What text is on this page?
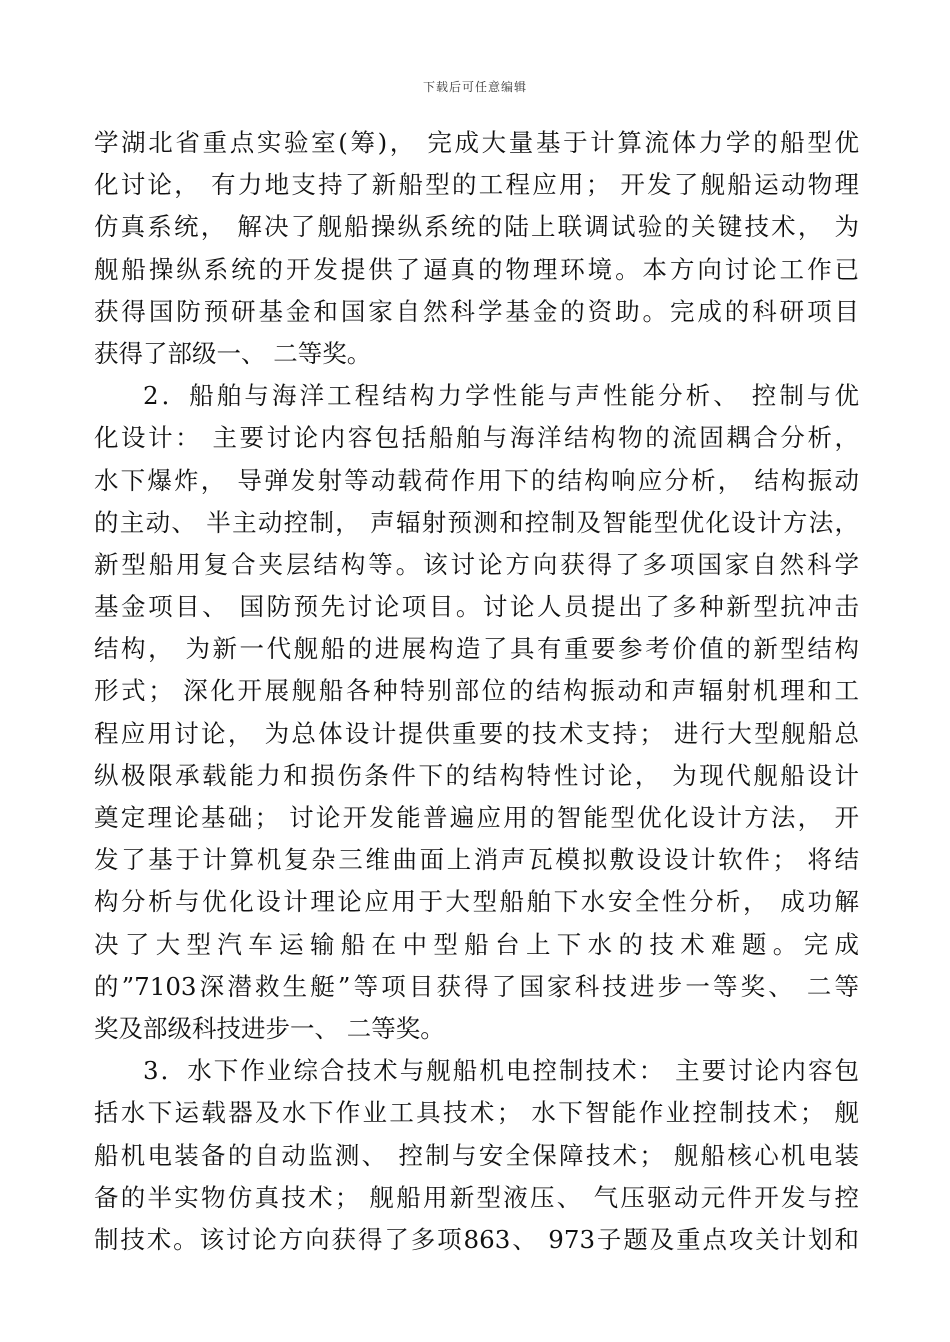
下载后可任意编辑
学湖北省重点实验室(筹)， 完成大量基于计算流体力学的船型优
化讨论， 有力地支持了新船型的工程应用； 开发了舰船运动物理
仿真系统， 解决了舰船操纵系统的陆上联调试验的关键技术， 为
舰船操纵系统的开发提供了逼真的物理环境。本方向讨论工作已
获得国防预研基金和国家自然科学基金的资助。完成的科研项目
获得了部级一、 二等奖。
2．船舶与海洋工程结构力学性能与声性能分析、 控制与优
化设计： 主要讨论内容包括船舶与海洋结构物的流固耦合分析，
水下爆炸， 导弹发射等动载荷作用下的结构响应分析， 结构振动
的主动、 半主动控制， 声辐射预测和控制及智能型优化设计方法，
新型船用复合夹层结构等。该讨论方向获得了多项国家自然科学
基金项目、 国防预先讨论项目。讨论人员提出了多种新型抗冲击
结构， 为新一代舰船的进展构造了具有重要参考价值的新型结构
形式； 深化开展舰船各种特别部位的结构振动和声辐射机理和工
程应用讨论， 为总体设计提供重要的技术支持； 进行大型舰船总
纵极限承载能力和损伤条件下的结构特性讨论， 为现代舰船设计
奠定理论基础； 讨论开发能普遍应用的智能型优化设计方法， 开
发了基于计算机复杂三维曲面上消声瓦模拟敷设设计软件； 将结
构分析与优化设计理论应用于大型船舶下水安全性分析， 成功解
决了大型汽车运输船在中型船台上下水的技术难题。完成
的”7103深潜救生艇”等项目获得了国家科技进步一等奖、 二等
奖及部级科技进步一、 二等奖。
3．水下作业综合技术与舰船机电控制技术： 主要讨论内容包
括水下运载器及水下作业工具技术； 水下智能作业控制技术； 舰
船机电装备的自动监测、 控制与安全保障技术； 舰船核心机电装
备的半实物仿真技术； 舰船用新型液压、 气压驱动元件开发与控
制技术。该讨论方向获得了多项863、 973子题及重点攻关计划和
